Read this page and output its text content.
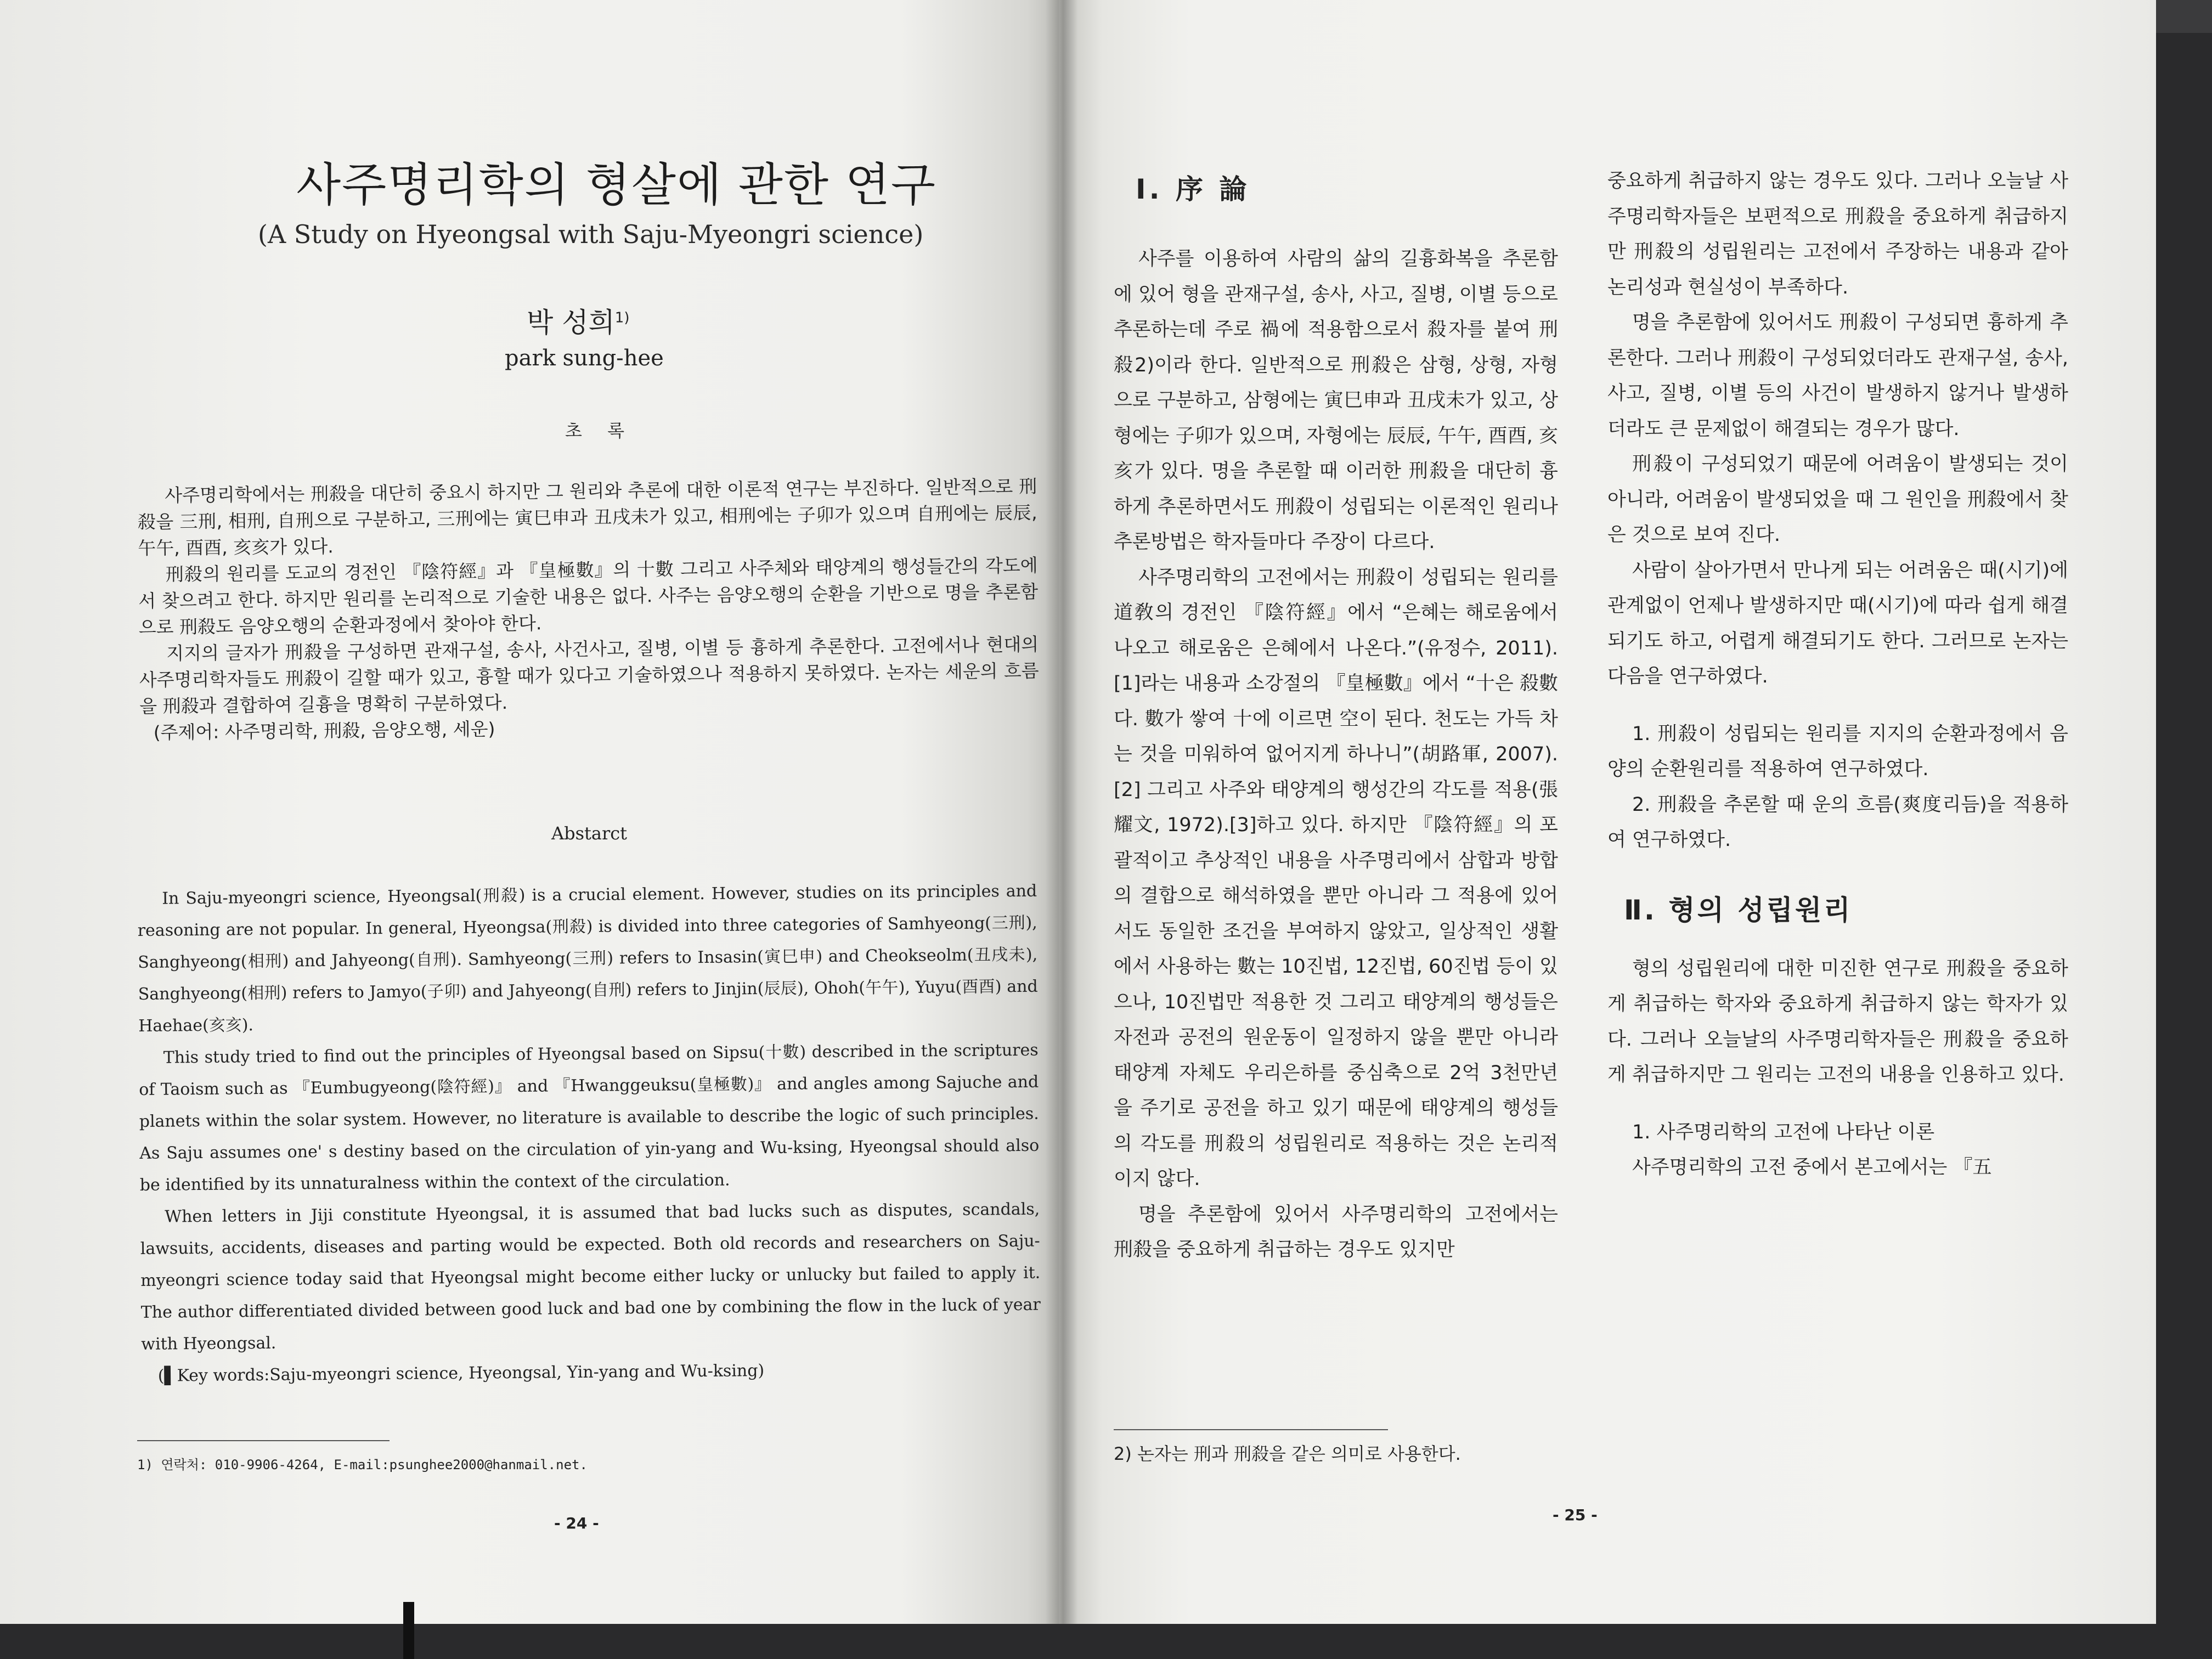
사주명리학의 형살에 관한 연구
(A Study on Hyeongsal with Saju-Myeongri science)
박 성희$^{1)}$
park sung-hee
초 록

사주명리학에서는 刑殺을 대단히 중요시 하지만 그 원리와 추론에 대한 이론적 연구는 부진하다. 일반적으로 刑殺을 三刑, 相刑, 自刑으로 구분하고, 三刑에는 寅巳申과 丑戌未가 있고, 相刑에는 子卯가 있으며 自刑에는 辰辰, 午午, 酉酉, 亥亥가 있다.

刑殺의 원리를 도교의 경전인 『陰符經』과 『皇極數』의 十數 그리고 사주체와 태양계의 행성들간의 각도에서 찾으려고 한다. 하지만 원리를 논리적으로 기술한 내용은 없다. 사주는 음양오행의 순환을 기반으로 명을 추론함으로 刑殺도 음양오행의 순환과정에서 찾아야 한다.

지지의 글자가 刑殺을 구성하면 관재구설, 송사, 사건사고, 질병, 이별 등 흉하게 추론한다. 고전에서나 현대의 사주명리학자들도 刑殺이 길할 때가 있고, 흉할 때가 있다고 기술하였으나 적용하지 못하였다. 논자는 세운의 흐름을 刑殺과 결합하여 길흉을 명확히 구분하였다.

(주제어: 사주명리학, 刑殺, 음양오행, 세운)

Abstarct

In Saju-myeongri science, Hyeongsal(刑殺) is a crucial element. However, studies on its principles and reasoning are not popular. In general, Hyeongsa(刑殺) is divided into three categories of Samhyeong(三刑), Sanghyeong(相刑) and Jahyeong(自刑). Samhyeong(三刑) refers to Insasin(寅巳申) and Cheokseolm(丑戌未), Sanghyeong(相刑) refers to Jamyo(子卯) and Jahyeong(自刑) refers to Jinjin(辰辰), Ohoh(午午), Yuyu(酉酉) and Haehae(亥亥).

This study tried to find out the principles of Hyeongsal based on Sipsu(十數) described in the scriptures of Taoism such as 『Eumbugyeong(陰符經)』 and 『Hwanggeuksu(皇極數)』 and angles among Sajuche and planets within the solar system. However, no literature is available to describe the logic of such principles. As Saju assumes one' s destiny based on the circulation of yin-yang and Wu-ksing, Hyeongsal should also be identified by its unnaturalness within the context of the circulation.

When letters in Jiji constitute Hyeongsal, it is assumed that bad lucks such as disputes, scandals, lawsuits, accidents, diseases and parting would be expected. Both old records and researchers on Saju-myeongri science today said that Hyeongsal might become either lucky or unlucky but failed to apply it. The author differentiated divided between good luck and bad one by combining the flow in the luck of year with Hyeongsal.

(▌Key words:Saju-myeongri science, Hyeongsal, Yin-yang and Wu-ksing)

1) 연락처: 010-9906-4264, E-mail:psunghee2000@hanmail.net.
- 24 -
Ⅰ. 序 論

사주를 이용하여 사람의 삶의 길흉화복을 추론함에 있어 형을 관재구설, 송사, 사고, 질병, 이별 등으로 추론하는데 주로 禍에 적용함으로서 殺자를 붙여 刑殺2)이라 한다. 일반적으로 刑殺은 삼형, 상형, 자형으로 구분하고, 삼형에는 寅巳申과 丑戌未가 있고, 상형에는 子卯가 있으며, 자형에는 辰辰, 午午, 酉酉, 亥亥가 있다. 명을 추론할 때 이러한 刑殺을 대단히 흉하게 추론하면서도 刑殺이 성립되는 이론적인 원리나 추론방법은 학자들마다 주장이 다르다.

사주명리학의 고전에서는 刑殺이 성립되는 원리를 道敎의 경전인 『陰符經』에서 “은혜는 해로움에서 나오고 해로움은 은혜에서 나온다.”(유정수, 2011).[1]라는 내용과 소강절의 『皇極數』에서 “十은 殺數다. 數가 쌓여 十에 이르면 空이 된다. 천도는 가득 차는 것을 미워하여 없어지게 하나니”(胡路軍, 2007).[2] 그리고 사주와 태양계의 행성간의 각도를 적용(張耀文, 1972).[3]하고 있다. 하지만 『陰符經』의 포괄적이고 추상적인 내용을 사주명리에서 삼합과 방합의 결합으로 해석하였을 뿐만 아니라 그 적용에 있어서도 동일한 조건을 부여하지 않았고, 일상적인 생활에서 사용하는 數는 10진법, 12진법, 60진법 등이 있으나, 10진법만 적용한 것 그리고 태양계의 행성들은 자전과 공전의 원운동이 일정하지 않을 뿐만 아니라 태양계 자체도 우리은하를 중심축으로 2억 3천만년을 주기로 공전을 하고 있기 때문에 태양계의 행성들의 각도를 刑殺의 성립원리로 적용하는 것은 논리적이지 않다.

명을 추론함에 있어서 사주명리학의 고전에서는 刑殺을 중요하게 취급하는 경우도 있지만

중요하게 취급하지 않는 경우도 있다. 그러나 오늘날 사주명리학자들은 보편적으로 刑殺을 중요하게 취급하지만 刑殺의 성립원리는 고전에서 주장하는 내용과 같아 논리성과 현실성이 부족하다.

명을 추론함에 있어서도 刑殺이 구성되면 흉하게 추론한다. 그러나 刑殺이 구성되었더라도 관재구설, 송사, 사고, 질병, 이별 등의 사건이 발생하지 않거나 발생하더라도 큰 문제없이 해결되는 경우가 많다.

刑殺이 구성되었기 때문에 어려움이 발생되는 것이 아니라, 어려움이 발생되었을 때 그 원인을 刑殺에서 찾은 것으로 보여 진다.

사람이 살아가면서 만나게 되는 어려움은 때(시기)에 관계없이 언제나 발생하지만 때(시기)에 따라 쉽게 해결되기도 하고, 어렵게 해결되기도 한다. 그러므로 논자는 다음을 연구하였다.

1. 刑殺이 성립되는 원리를 지지의 순환과정에서 음양의 순환원리를 적용하여 연구하였다.

2. 刑殺을 추론할 때 운의 흐름(爽度리듬)을 적용하여 연구하였다.

Ⅱ. 형의 성립원리

형의 성립원리에 대한 미진한 연구로 刑殺을 중요하게 취급하는 학자와 중요하게 취급하지 않는 학자가 있다. 그러나 오늘날의 사주명리학자들은 刑殺을 중요하게 취급하지만 그 원리는 고전의 내용을 인용하고 있다.

1. 사주명리학의 고전에 나타난 이론

사주명리학의 고전 중에서 본고에서는 『五

2) 논자는 刑과 刑殺을 같은 의미로 사용한다.
- 25 -
